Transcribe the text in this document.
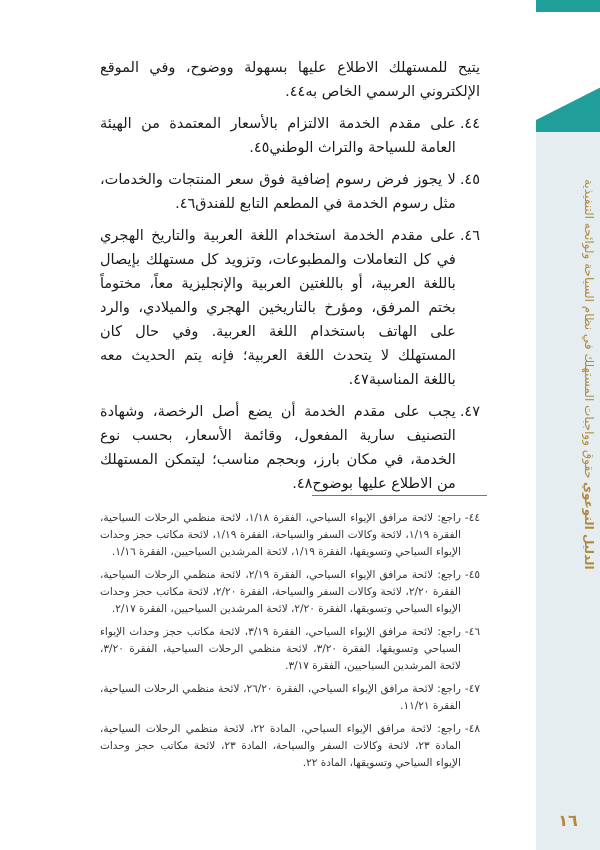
الدليل التوعوي حقوق وواجبات المستهلك في نظام السياحة ولوائحه التنفيذية
١٦

يتيح للمستهلك الاطلاع عليها بسهولة ووضوح، وفي الموقع الإلكتروني الرسمي الخاص به٤٤.

٤٤.
على مقدم الخدمة الالتزام بالأسعار المعتمدة من الهيئة العامة للسياحة والتراث الوطني٤٥.
٤٥.
لا يجوز فرض رسوم إضافية فوق سعر المنتجات والخدمات، مثل رسوم الخدمة في المطعم التابع للفندق٤٦.
٤٦.
على مقدم الخدمة استخدام اللغة العربية والتاريخ الهجري في كل التعاملات والمطبوعات، وتزويد كل مستهلك بإيصال باللغة العربية، أو باللغتين العربية والإنجليزية معاً، مختوماً بختم المرفق، ومؤرخ بالتاريخين الهجري والميلادي، والرد على الهاتف باستخدام اللغة العربية. وفي حال كان المستهلك لا يتحدث اللغة العربية؛ فإنه يتم الحديث معه باللغة المناسبة٤٧.
٤٧.
يجب على مقدم الخدمة أن يضع أصل الرخصة، وشهادة التصنيف سارية المفعول، وقائمة الأسعار، بحسب نوع الخدمة، في مكان بارز، وبحجم مناسب؛ ليتمكن المستهلك من الاطلاع عليها بوضوح٤٨.
٤٤-
راجع: لائحة مرافق الإيواء السياحي، الفقرة ١/١٨، لائحة منظمي الرحلات السياحية، الفقرة ١/١٩، لائحة وكالات السفر والسياحة، الفقرة ١/١٩، لائحة مكاتب حجز وحدات الإيواء السياحي وتسويقها، الفقرة ١/١٩، لائحة المرشدين السياحيين، الفقرة ١/١٦.
٤٥-
راجع: لائحة مرافق الإيواء السياحي، الفقرة ٢/١٩، لائحة منظمي الرحلات السياحية، الفقرة ٢/٢٠، لائحة وكالات السفر والسياحة، الفقرة ٢/٢٠، لائحة مكاتب حجز وحدات الإيواء السياحي وتسويقها، الفقرة ٢/٢٠، لائحة المرشدين السياحيين، الفقرة ٢/١٧.
٤٦-
راجع: لائحة مرافق الإيواء السياحي، الفقرة ٣/١٩، لائحة مكاتب حجز وحدات الإيواء السياحي وتسويقها، الفقرة ٣/٢٠، لائحة منظمي الرحلات السياحية، الفقرة ٣/٢٠، لائحة المرشدين السياحيين، الفقرة ٣/١٧.
٤٧-
راجع: لائحة مرافق الإيواء السياحي، الفقرة ٢٦/٢٠، لائحة منظمي الرحلات السياحية، الفقرة ١١/٢١.
٤٨-
راجع: لائحة مرافق الإيواء السياحي، المادة ٢٢، لائحة منظمي الرحلات السياحية، المادة ٢٣، لائحة وكالات السفر والسياحة، المادة ٢٣، لائحة مكاتب حجز وحدات الإيواء السياحي وتسويقها، المادة ٢٢.
